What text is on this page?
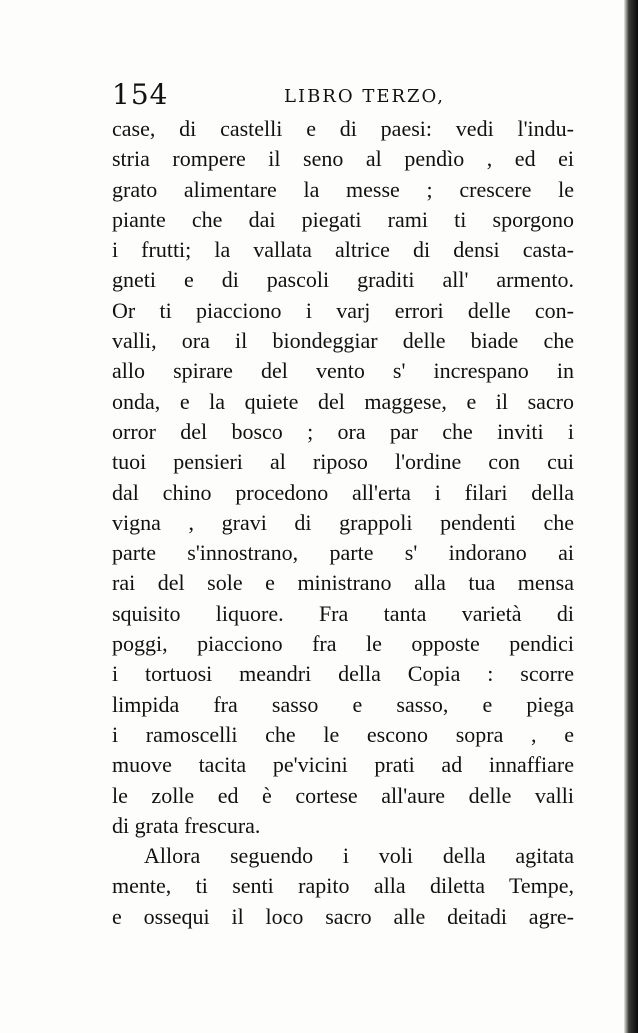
154	LIBRO TERZO,
case, di castelli e di paesi: vedi l'indu-
stria rompere il seno al pendìo , ed ei
grato alimentare la messe ; crescere le
piante che dai piegati rami ti sporgono
i frutti; la vallata altrice di densi casta-
gneti e di pascoli graditi all' armento.
Or ti piacciono i varj errori delle con-
valli, ora il biondeggiar delle biade che
allo spirare del vento s' increspano in
onda, e la quiete del maggese, e il sacro
orror del bosco ; ora par che inviti i
tuoi pensieri al riposo l'ordine con cui
dal chino procedono all'erta i filari della
vigna , gravi di grappoli pendenti che
parte s'innostrano, parte s' indorano ai
rai del sole e ministrano alla tua mensa
squisito liquore. Fra tanta varietà di
poggi, piacciono fra le opposte pendici
i tortuosi meandri della Copia : scorre
limpida fra sasso e sasso, e piega
i ramoscelli che le escono sopra , e
muove tacita pe'vicini prati ad innaffiare
le zolle ed è cortese all'aure delle valli
di grata frescura.
Allora seguendo i voli della agitata
mente, ti senti rapito alla diletta Tempe,
e ossequi il loco sacro alle deitadi agre-
